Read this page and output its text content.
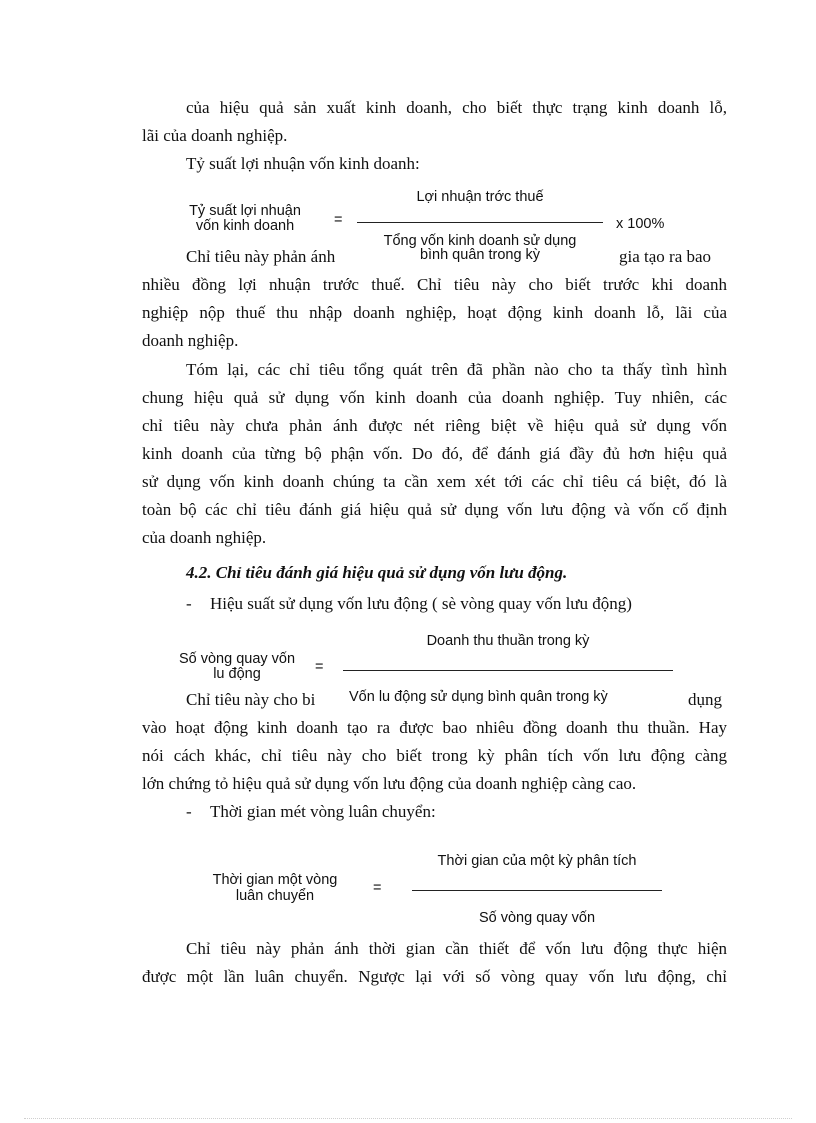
của hiệu quả sản xuất kinh doanh, cho biết thực trạng kinh doanh lỗ,
lãi của doanh nghiệp.
Tỷ suất lợi nhuận vốn kinh doanh:
Tỷ suất lợi nhuận
vốn kinh doanh	=
Lợi nhuận trớc thuế
x 100%
Tổng vốn kinh doanh sử dụng
bình quân trong kỳ
Chỉ tiêu này phản ánh	gia tạo ra bao
nhiều đồng lợi nhuận trước thuế. Chỉ tiêu này cho biết trước khi doanh
nghiệp nộp thuế thu nhập doanh nghiệp, hoạt động kinh doanh lỗ, lãi của
doanh nghiệp.
Tóm lại, các chỉ tiêu tổng quát trên đã phần nào cho ta thấy tình hình
chung hiệu quả sử dụng vốn kinh doanh của doanh nghiệp. Tuy nhiên, các
chỉ tiêu này chưa phản ánh được nét riêng biệt về hiệu quả sử dụng vốn
kinh doanh của từng bộ phận vốn. Do đó, để đánh giá đầy đủ hơn hiệu quả
sử dụng vốn kinh doanh chúng ta cần xem xét tới các chỉ tiêu cá biệt, đó là
toàn bộ các chỉ tiêu đánh giá hiệu quả sử dụng vốn lưu động và vốn cố định
của doanh nghiệp.
4.2. Chỉ tiêu đánh giá hiệu quả sử dụng vốn lưu động.
- Hiệu suất sử dụng vốn lưu động ( sè vòng quay vốn lưu động)
Số vòng quay vốn
lu động	=
Doanh thu thuần trong kỳ
Vốn lu động sử dụng bình quân trong kỳ
Chỉ tiêu này cho bi	dụng
vào hoạt động kinh doanh tạo ra được bao nhiêu đồng doanh thu thuần. Hay
nói cách khác, chỉ tiêu này cho biết trong kỳ phân tích vốn lưu động càng
lớn chứng tỏ hiệu quả sử dụng vốn lưu động của doanh nghiệp càng cao.
- Thời gian mét vòng luân chuyển:
Thời gian một vòng
luân chuyển	=
Thời gian của một kỳ phân tích
Số vòng quay vốn
Chỉ tiêu này phản ánh thời gian cần thiết để vốn lưu động thực hiện
được một lần luân chuyển. Ngược lại với số vòng quay vốn lưu động, chỉ
